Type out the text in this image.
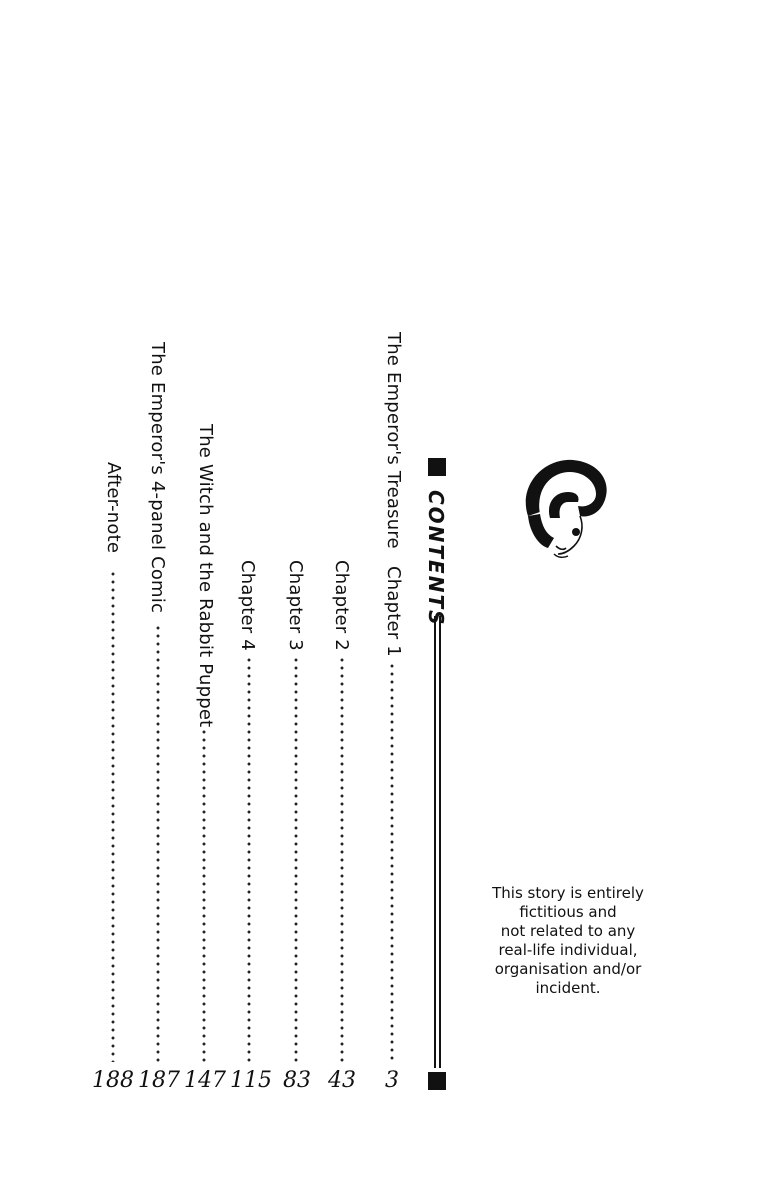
CONTENTS
The Emperor's Treasure
Chapter 1
3
Chapter 2
43
Chapter 3
83
Chapter 4
115
The Witch and the Rabbit Puppet
147
The Emperor's 4-panel Comic
187
After-note
188
This story is entirely
fictitious and
not related to any
real-life individual,
organisation and/or
incident.
